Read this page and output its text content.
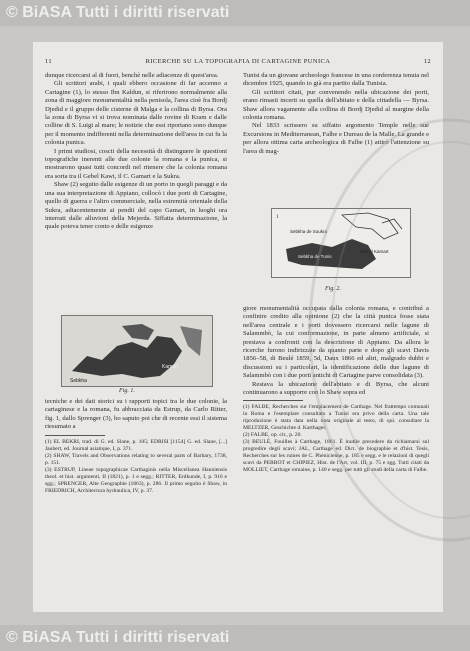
© BiASA Tutti i diritti riservati
11	RICERCHE SU LA TOPOGRAFIA DI CARTAGINE PUNICA	12

dunque ricercarsi al di fuori, benchè nelle adiacenze di quest'area.

Gli scrittori arabi, i quali ebbero occasione di far accenno a Cartagine (1), lo stesso Ibn Kaldun, si riferirono normalmente alla zona di maggiore monumentalità nella penisola, l'area cioè fra Bordj Djedid e il gruppo delle cisterne di Malga e la collina di Byrsa. Ora la zona di Byrsa vi si trova nominata dalle rovine di Kram e dalle colline di S. Luigi al mare; le notizie che essi riportano sono dunque per il momento indifferenti nella determinazione dell'area in cui fu la colonia punica.

I primi studiosi, coscii della necessità di distinguere le questioni topografiche inerenti alle due colonie la romana e la punica, si mostrarono quasi tutti concordi nel ritenere che la colonia romana era sorta tra il Gebel Kawi, il C. Gamart e la Sukra.

Shaw (2) seguito dalle esigenze di un porto in quegli paraggi e da una sua interpretazione di Appiano, collocò i due porti di Cartagine, quello di guerra e l'altro commerciale, nella estremità orientale della Sukra, adiacentemente ai pendii del capo Gamart, in luoghi ora interrati dalle alluvioni della Mejerda. Siffatta determinazione, la quale poteva tener conto e delle esigenze

Kamart
Sebkha
Fig. 1.

tecniche e dei dati storici su i rapporti topici tra le due colonie, la cartaginese e la romana, fu abbracciata da Estrup, da Carlo Ritter, fig. 1, dallo Sprenger (3), ho saputo poi che di recente essi il sistema riesumato a

(1) EL BEKRI, trad. di G. ed. Slane, p. 105; EDRISI [1154] G. ed. Slane, [...] Jaubert, ed. Journal asiatique, I, p. 371.

(2) SHAW, Travels and Observations relating to several parts of Barbary, 1738, p. 151.

(3) ESTRUP, Lineae topographicae Carthaginis nella Miscellanea Hauniensis theol. et hist. argumenti, II (1821), p. 1 e segg.; RITTER, Erdkunde, I, p. 916 e sgg.; SPRENGER, Alte Geographie (1863), p. 286. Il primo seguìto è Shaw, in FRIEDRICH, Architectura hydraulica, IV, p. 37.

Tunisi da un giovane archeologo francese in una conferenza tenuta nel dicembre 1925, quando io già era partito dalla Tunisia.

Gli scrittori citati, pur convenendo nella ubicazione dei porti, erano rimasti incerti su quella dell'abitato e della cittadella — Byrsa. Shaw allora vagamente alla collina di Bordj Djedid al margine della colonia romana.

Nel 1833 scrissero su siffatto argomento Temple nelle sue Excursions in Mediterranean, Falbe e Dureau de la Malle. La grande e per allora ottima carta archeologica di Falbe (1) attirò l'attenzione su l'area di mag-

1
Sebkha de Soukra
Ras el Kamart
Sebkha de Tunis
Fig. 2.

giore monumentalità occupata dalla colonia romana, e contribuì a confinire credito alla opinione (2) che la città punica fosse stata nell'area centrale e i porti dovessero ricercarsi nelle lagune di Salammbò, la cui conformazione, in parte almeno artificiale, si prestava a confronti con la descrizione di Appiano. Da allora le ricerche furono indirizzate da quanto parte e dopo gli scavi Davis 1856–58, di Beulé 1859, 5d, Daux 1866 ed altri, malgrado dubbi e discussioni su i particolari, la identificazione delle due lagune di Salammbò con i due porti antichi di Cartagine parve consolidata (3).

Restava la ubicazione dell'abitato e di Byrsa, che alcuni continuarono a supporre con lo Shaw sopra ed

(1) FALBE, Recherches sur l'emplacement de Carthage. Nel frattempo comunali in Roma e l'esemplare consultato a Tunisi era privo della carta. Una tale riproduzione è stata data nella nota originale al testo, di qui. consultare la MELTZER, Geschichte d. Karthager.

(2) FALBE, op. cit., p. 20.

(3) BEULÉ, Fouilles à Carthage, 1861. È inutile precedere da richiamarsi sul progredire degli scavi; JAL, Carthage ed. Dict. de biographie et d'hist. Tesis, Recherches sur les ruines de C. Phénicienne, p. 185 e segg. e le relazioni di quegli scavi da PERROT et CHIPIEZ, Hist. de l'Art, vol. III, p. 75 e sgg. Tutti citati da MOLLIET, Carthage romaine, p. 140 e segg. per tutti gli studi della carta di Falbe.

© BiASA Tutti i diritti riservati
